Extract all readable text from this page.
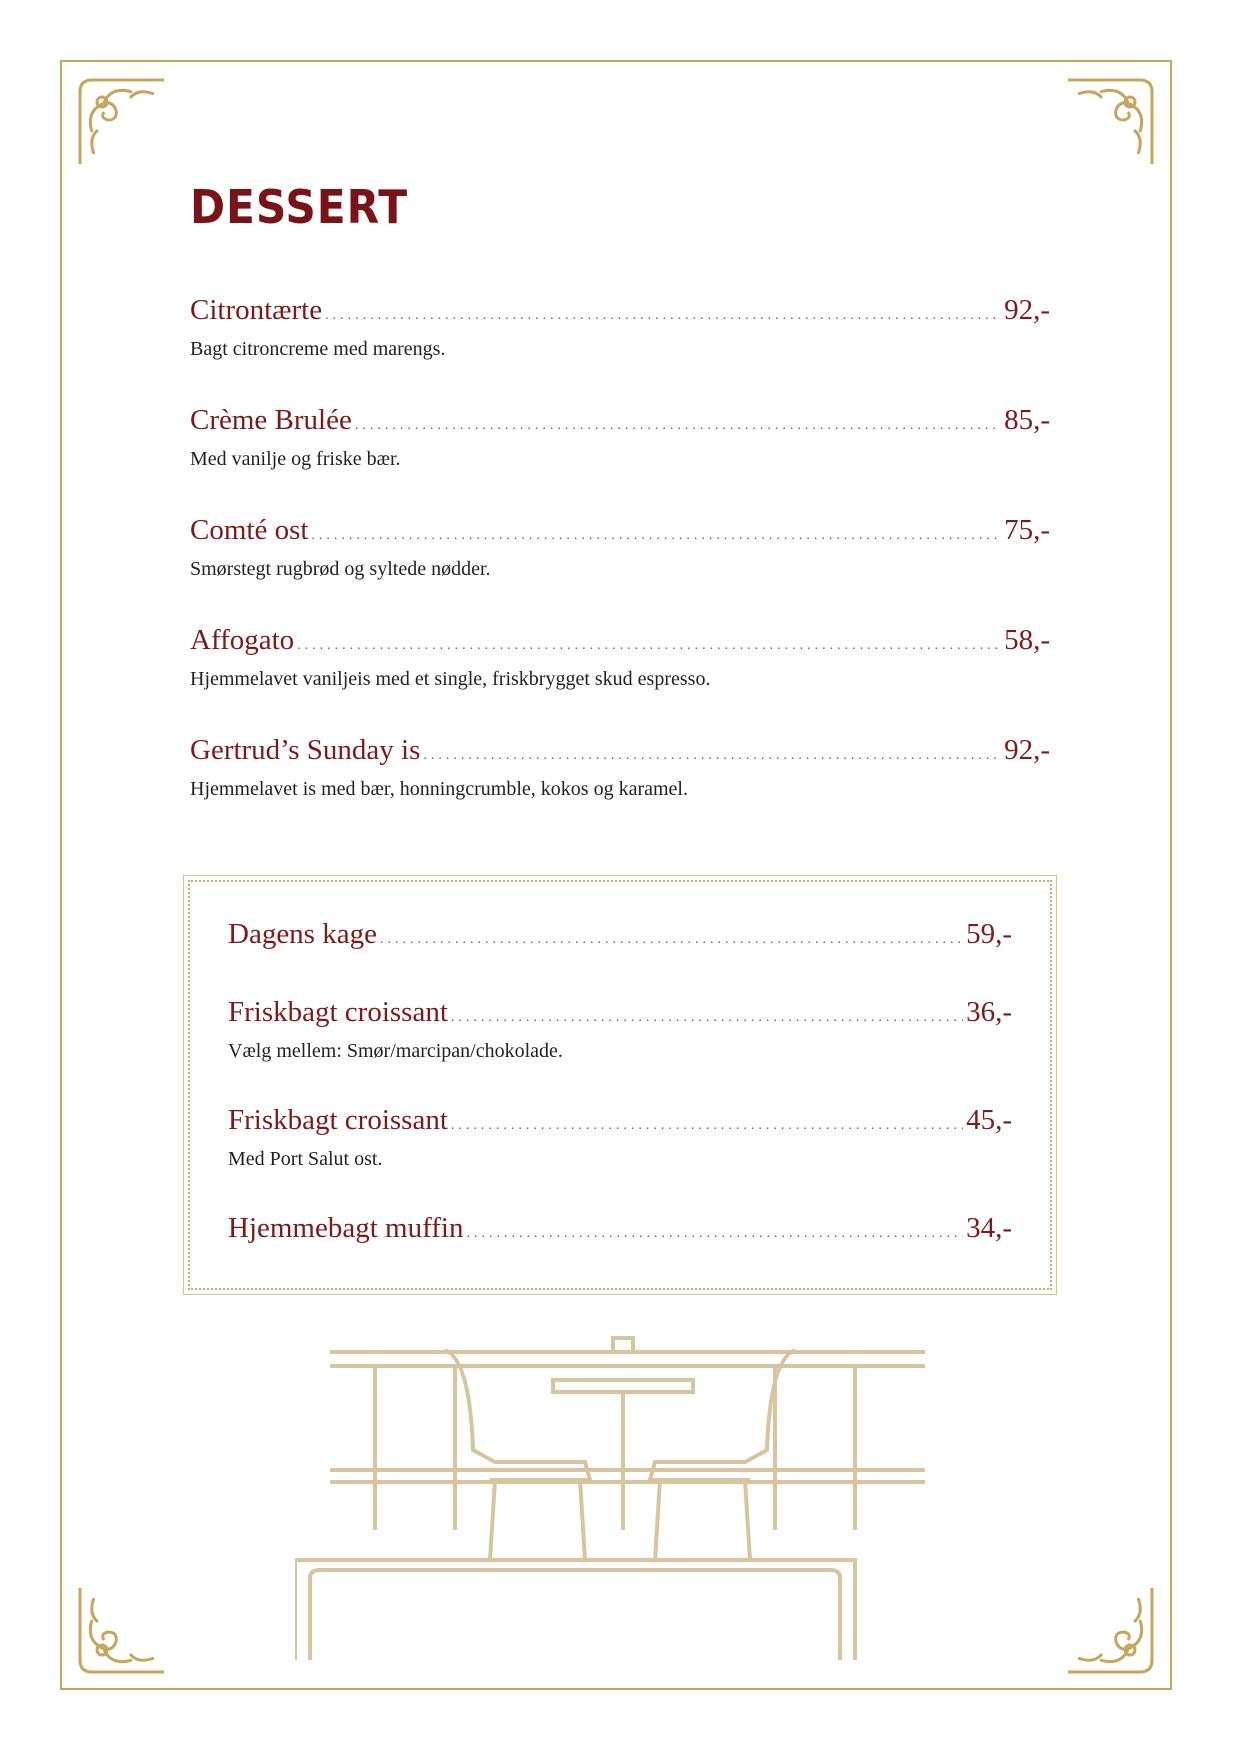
DESSERT
Citrontærte .....	92,-
Bagt citroncreme med marengs.
Crème Brulée .....	85,-
Med vanilje og friske bær.
Comté ost .....	75,-
Smørstegt rugbrød og syltede nødder.
Affogato .....	58,-
Hjemmelavet vaniljeis med et single, friskbrygget skud espresso.
Gertrud’s Sunday is .....	92,-
Hjemmelavet is med bær, honningcrumble, kokos og karamel.
Dagens kage .....	59,-
Friskbagt croissant .....	36,-
Vælg mellem: Smør/marcipan/chokolade.
Friskbagt croissant .....	45,-
Med Port Salut ost.
Hjemmebagt muffin .....	34,-
